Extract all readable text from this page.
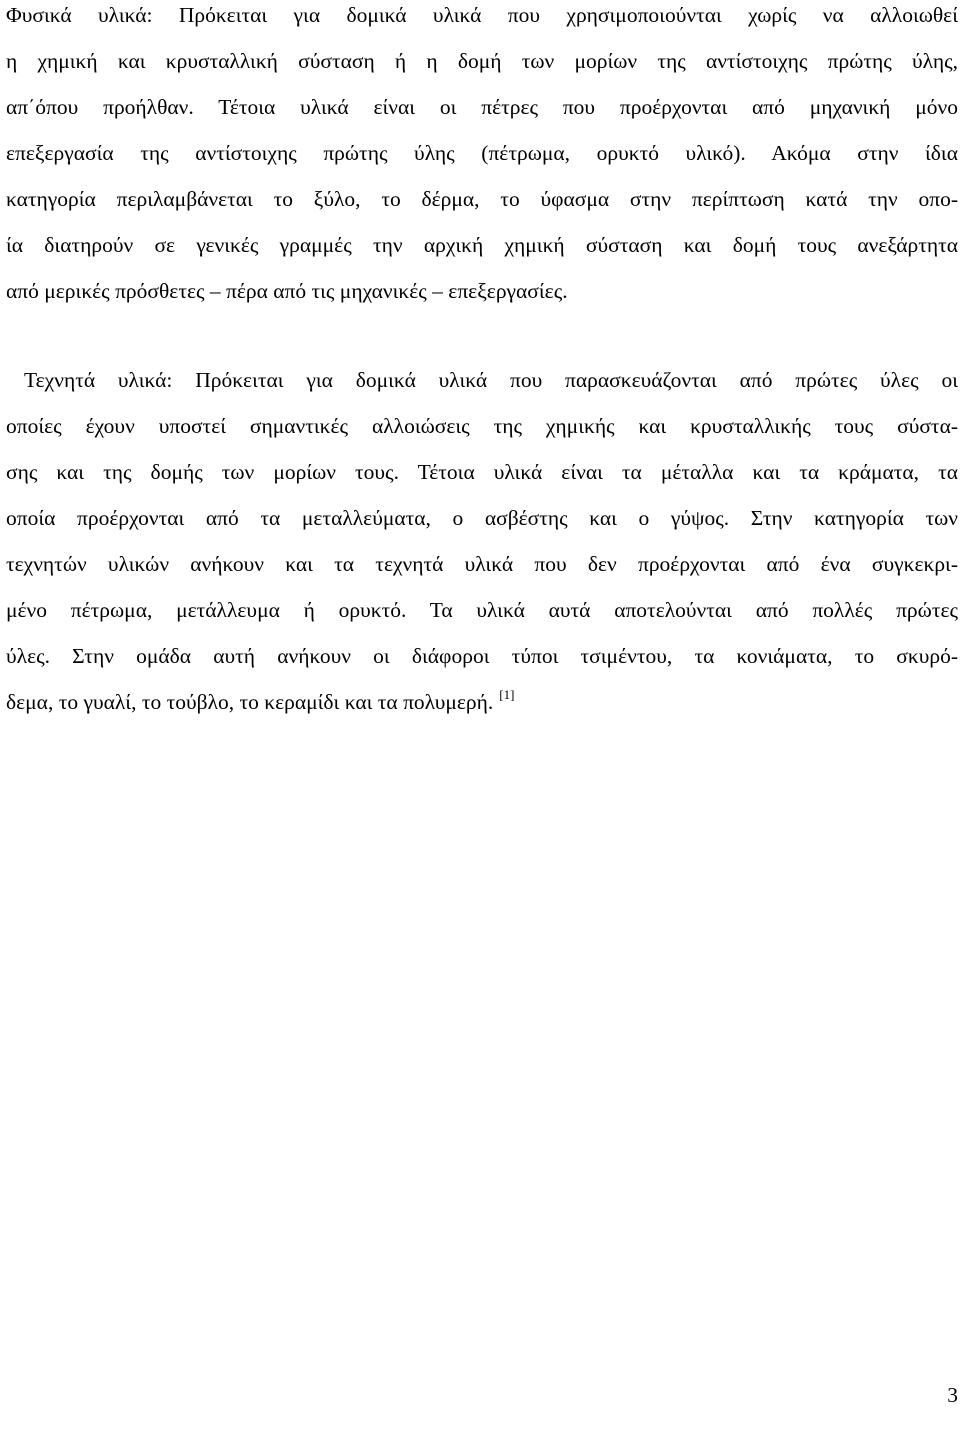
Φυσικά υλικά: Πρόκειται για δομικά υλικά που χρησιμοποιούνται χωρίς να αλλοιωθεί
η χημική και κρυσταλλική σύσταση ή η δομή των μορίων της αντίστοιχης πρώτης ύλης,
απ΄όπου προήλθαν. Τέτοια υλικά είναι οι πέτρες που προέρχονται από μηχανική μόνο
επεξεργασία της αντίστοιχης πρώτης ύλης (πέτρωμα, ορυκτό υλικό). Ακόμα στην ίδια
κατηγορία περιλαμβάνεται το ξύλο, το δέρμα, το ύφασμα στην περίπτωση κατά την οπο-
ία διατηρούν σε γενικές γραμμές την αρχική χημική σύσταση και δομή τους ανεξάρτητα
από μερικές πρόσθετες – πέρα από τις μηχανικές – επεξεργασίες.
Τεχνητά υλικά: Πρόκειται για δομικά υλικά που παρασκευάζονται από πρώτες ύλες οι
οποίες έχουν υποστεί σημαντικές αλλοιώσεις της χημικής και κρυσταλλικής τους σύστα-
σης και της δομής των μορίων τους. Τέτοια υλικά είναι τα μέταλλα και τα κράματα, τα
οποία προέρχονται από τα μεταλλεύματα, ο ασβέστης και ο γύψος. Στην κατηγορία των
τεχνητών υλικών ανήκουν και τα τεχνητά υλικά που δεν προέρχονται από ένα συγκεκρι-
μένο πέτρωμα, μετάλλευμα ή ορυκτό. Τα υλικά αυτά αποτελούνται από πολλές πρώτες
ύλες. Στην ομάδα αυτή ανήκουν οι διάφοροι τύποι τσιμέντου, τα κονιάματα, το σκυρό-
δεμα, το γυαλί, το τούβλο, το κεραμίδι και τα πολυμερή. [1]
3
